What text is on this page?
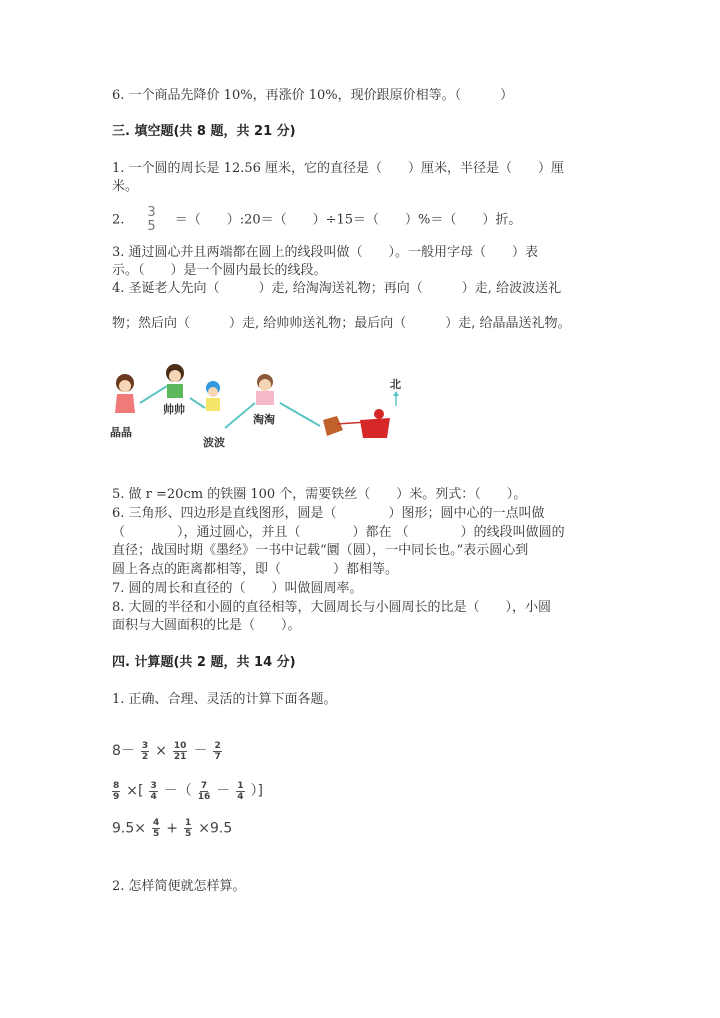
6. 一个商品先降价 10%，再涨价 10%，现价跟原价相等。（　　　）
三. 填空题(共 8 题，共 21 分)
1. 一个圆的周长是 12.56 厘米，它的直径是（　　）厘米，半径是（　　）厘
米。
2. 3
5 ＝（　　）:20＝（　　）÷15＝（　　）%＝（　　）折。
3. 通过圆心并且两端都在圆上的线段叫做（　　）。一般用字母（　　）表
示。（　　）是一个圆内最长的线段。
4. 圣诞老人先向（　　　）走, 给淘淘送礼物；再向（　　　）走, 给波波送礼
物；然后向（　　　）走, 给帅帅送礼物；最后向（　　　）走, 给晶晶送礼物。
晶晶
帅帅
波波
淘淘
北
5. 做 r =20cm 的铁圈 100 个，需要铁丝（　　）米。列式：（　　）。
6. 三角形、四边形是直线图形，圆是（　　　　）图形；圆中心的一点叫做
（　　　　），通过圆心，并且（　　　　）都在 （　　　　）的线段叫做圆的
直径；战国时期《墨经》一书中记载“圜（圆），一中同长也。”表示圆心到
圆上各点的距离都相等，即（　　　　）都相等。
7. 圆的周长和直径的（　　）叫做圆周率。
8. 大圆的半径和小圆的直径相等，大圆周长与小圆周长的比是（　　），小圆
面积与大圆面积的比是（　　）。
四. 计算题(共 2 题，共 14 分)
1. 正确、合理、灵活的计算下面各题。
$8- \frac{3}{2} \times \frac{10}{21} - \frac{2}{7}$
$\frac{8}{9}$ ×[ $\frac{3}{4}$ －（ $\frac{7}{16} - \frac{1}{4}$ ）]
$9.5\times \frac{4}{5} + \frac{1}{5} \times 9.5$
2. 怎样简便就怎样算。
